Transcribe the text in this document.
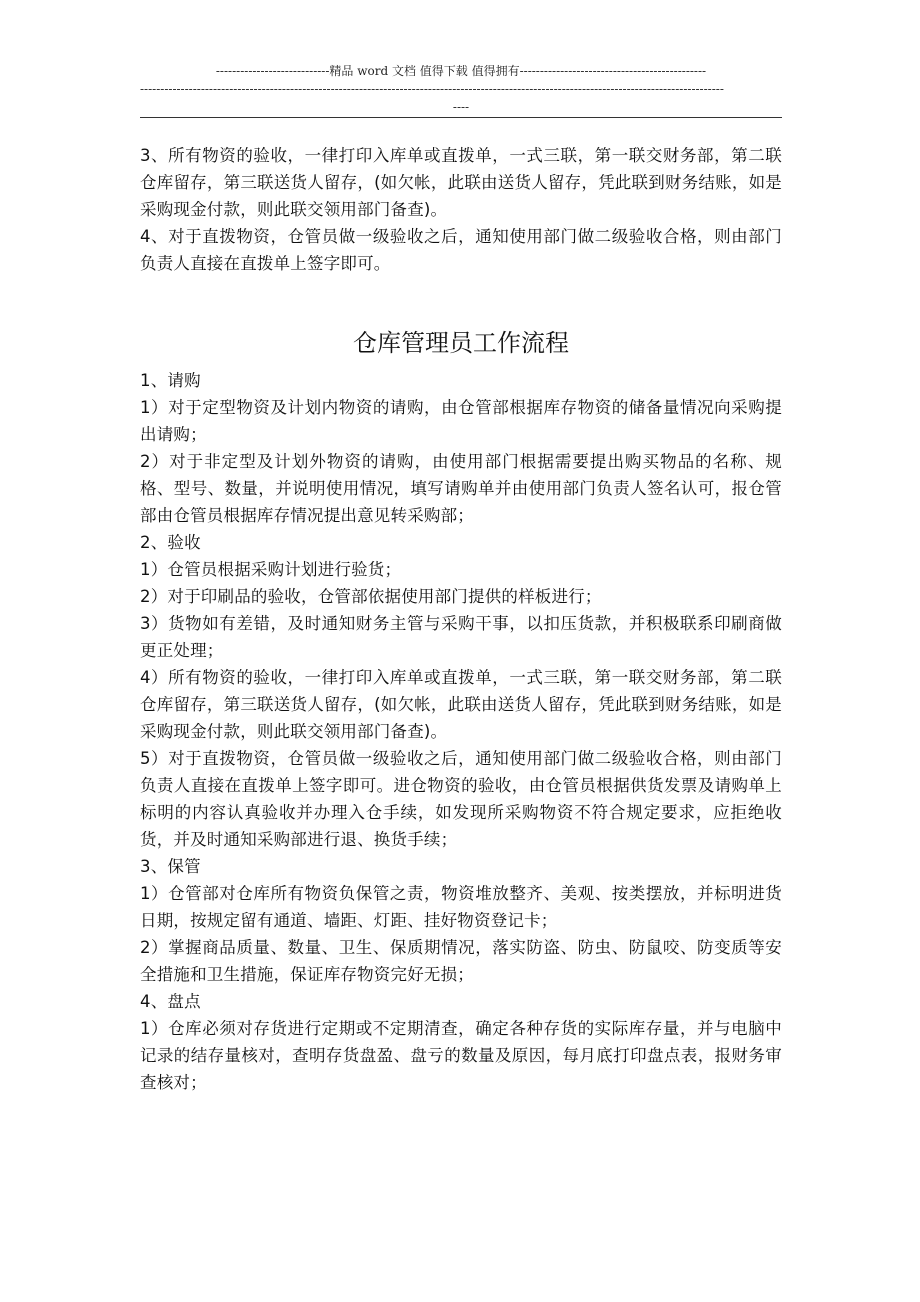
----------------------------精品 word 文档 值得下载 值得拥有----------------------------------------------
------------------------------------------------------------------------------------------------------------------------------------------------
----

3、所有物资的验收，一律打印入库单或直拨单，一式三联，第一联交财务部，第二联仓库留存，第三联送货人留存，(如欠帐，此联由送货人留存，凭此联到财务结账，如是采购现金付款，则此联交领用部门备查)。

4、对于直拨物资，仓管员做一级验收之后，通知使用部门做二级验收合格，则由部门负责人直接在直拨单上签字即可。

仓库管理员工作流程

1、请购

1）对于定型物资及计划内物资的请购，由仓管部根据库存物资的储备量情况向采购提出请购；

2）对于非定型及计划外物资的请购，由使用部门根据需要提出购买物品的名称、规格、型号、数量，并说明使用情况，填写请购单并由使用部门负责人签名认可，报仓管部由仓管员根据库存情况提出意见转采购部；

2、验收

1）仓管员根据采购计划进行验货；

2）对于印刷品的验收，仓管部依据使用部门提供的样板进行；

3）货物如有差错，及时通知财务主管与采购干事，以扣压货款，并积极联系印刷商做更正处理；

4）所有物资的验收，一律打印入库单或直拨单，一式三联，第一联交财务部，第二联仓库留存，第三联送货人留存，(如欠帐，此联由送货人留存，凭此联到财务结账，如是采购现金付款，则此联交领用部门备查)。

5）对于直拨物资，仓管员做一级验收之后，通知使用部门做二级验收合格，则由部门负责人直接在直拨单上签字即可。进仓物资的验收，由仓管员根据供货发票及请购单上标明的内容认真验收并办理入仓手续，如发现所采购物资不符合规定要求，应拒绝收货，并及时通知采购部进行退、换货手续；

3、保管

1）仓管部对仓库所有物资负保管之责，物资堆放整齐、美观、按类摆放，并标明进货日期，按规定留有通道、墙距、灯距、挂好物资登记卡；

2）掌握商品质量、数量、卫生、保质期情况，落实防盗、防虫、防鼠咬、防变质等安全措施和卫生措施，保证库存物资完好无损；

4、盘点

1）仓库必须对存货进行定期或不定期清查，确定各种存货的实际库存量，并与电脑中记录的结存量核对，查明存货盘盈、盘亏的数量及原因，每月底打印盘点表，报财务审查核对；
